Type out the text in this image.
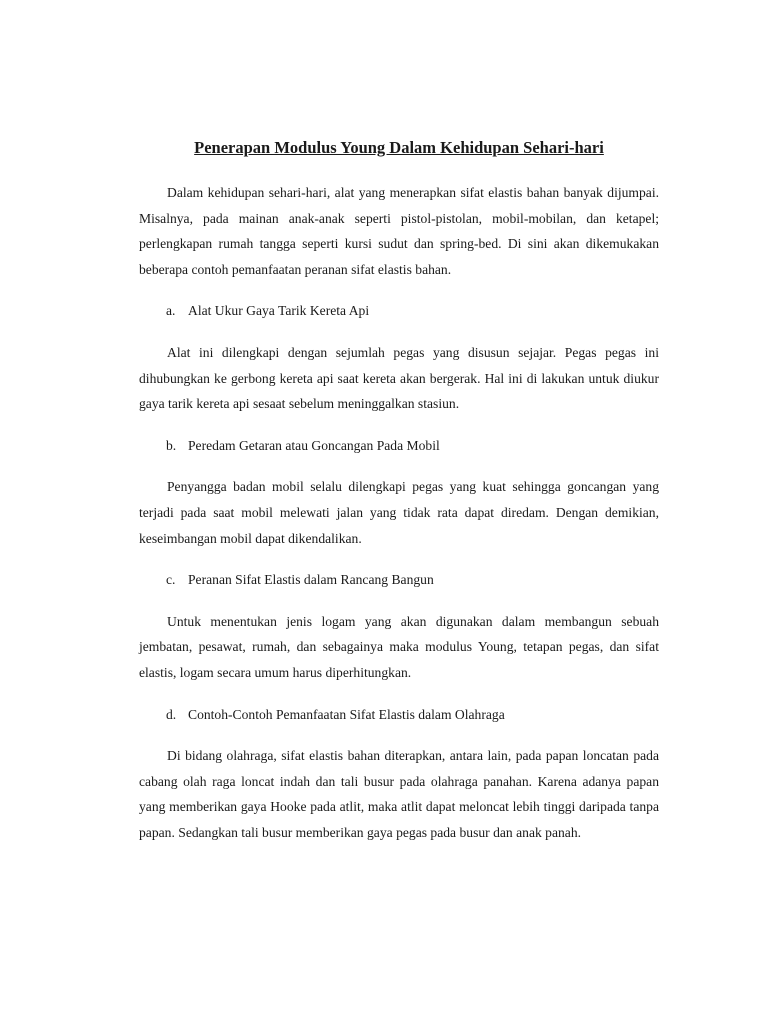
Penerapan Modulus Young Dalam Kehidupan Sehari-hari

Dalam kehidupan sehari-hari, alat yang menerapkan sifat elastis bahan banyak dijumpai. Misalnya, pada mainan anak-anak seperti pistol-pistolan, mobil-mobilan, dan ketapel; perlengkapan rumah tangga seperti kursi sudut dan spring-bed. Di sini akan dikemukakan beberapa contoh pemanfaatan peranan sifat elastis bahan.

a. Alat Ukur Gaya Tarik Kereta Api

Alat ini dilengkapi dengan sejumlah pegas yang disusun sejajar. Pegas pegas ini dihubungkan ke gerbong kereta api saat kereta akan bergerak. Hal ini di lakukan untuk diukur gaya tarik kereta api sesaat sebelum meninggalkan stasiun.

b. Peredam Getaran atau Goncangan Pada Mobil

Penyangga badan mobil selalu dilengkapi pegas yang kuat sehingga goncangan yang terjadi pada saat mobil melewati jalan yang tidak rata dapat diredam. Dengan demikian, keseimbangan mobil dapat dikendalikan.

c. Peranan Sifat Elastis dalam Rancang Bangun

Untuk menentukan jenis logam yang akan digunakan dalam membangun sebuah jembatan, pesawat, rumah, dan sebagainya maka modulus Young, tetapan pegas, dan sifat elastis, logam secara umum harus diperhitungkan.

d. Contoh-Contoh Pemanfaatan Sifat Elastis dalam Olahraga

Di bidang olahraga, sifat elastis bahan diterapkan, antara lain, pada papan loncatan pada cabang olah raga loncat indah dan tali busur pada olahraga panahan. Karena adanya papan yang memberikan gaya Hooke pada atlit, maka atlit dapat meloncat lebih tinggi daripada tanpa papan. Sedangkan tali busur memberikan gaya pegas pada busur dan anak panah.
